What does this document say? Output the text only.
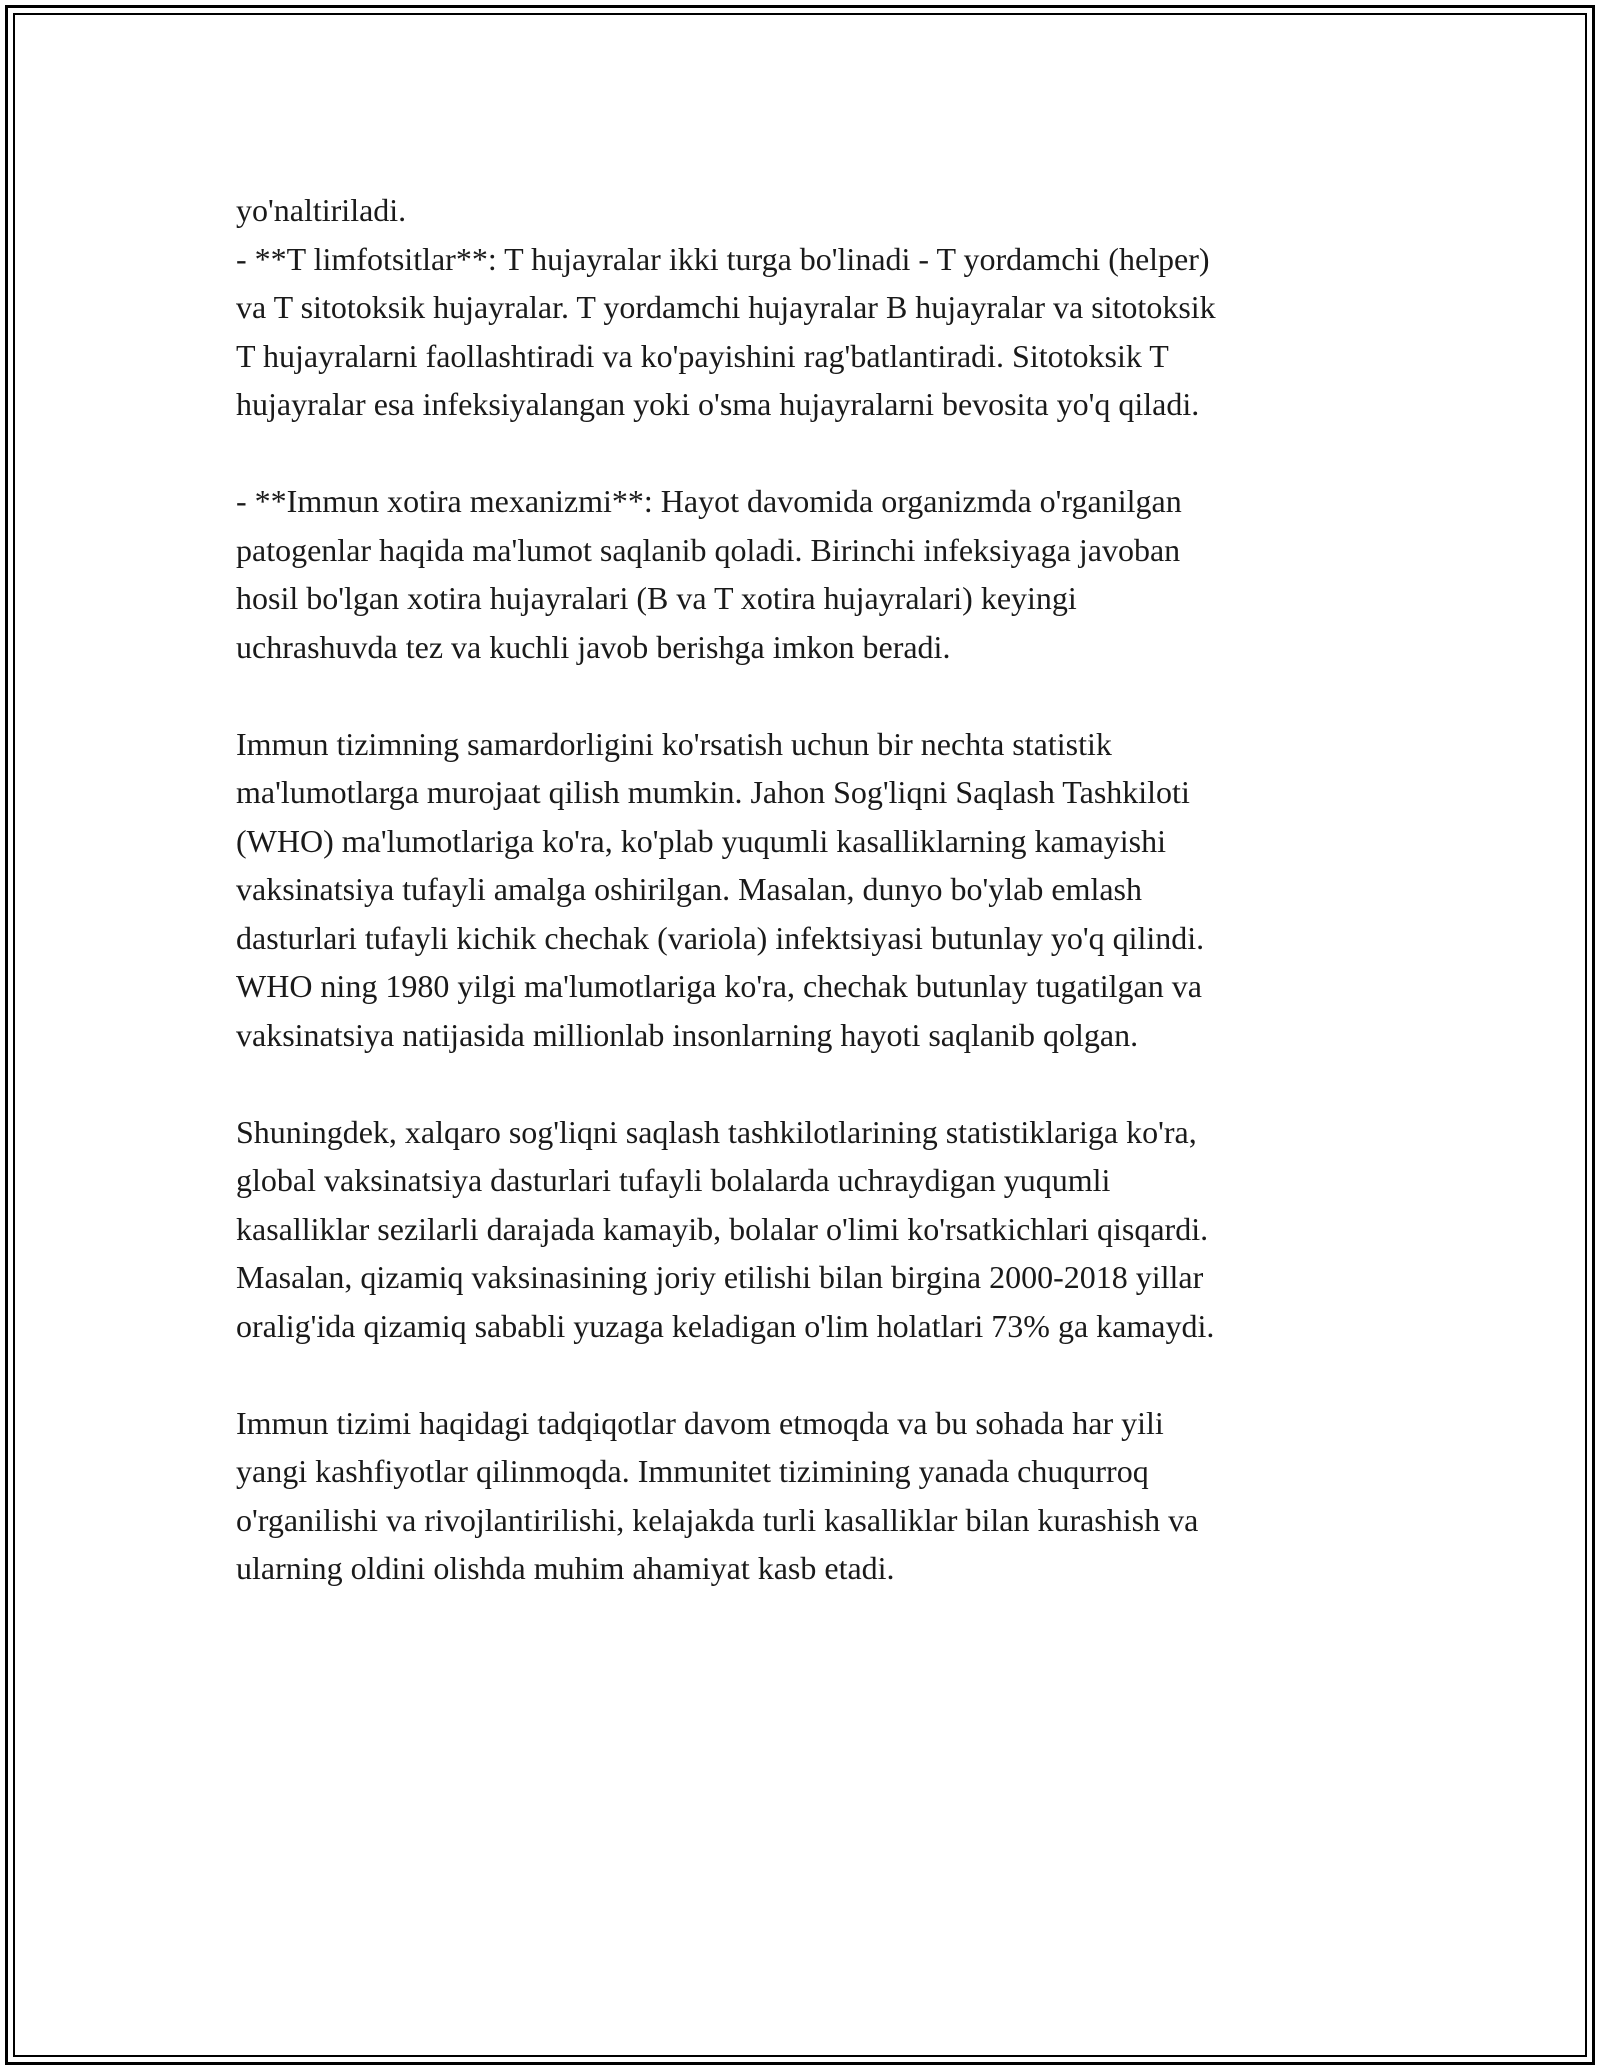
yo'naltiriladi.
- **T limfotsitlar**: T hujayralar ikki turga bo'linadi - T yordamchi (helper)
va T sitotoksik hujayralar. T yordamchi hujayralar B hujayralar va sitotoksik
T hujayralarni faollashtiradi va ko'payishini rag'batlantiradi. Sitotoksik T
hujayralar esa infeksiyalangan yoki o'sma hujayralarni bevosita yo'q qiladi.
- **Immun xotira mexanizmi**: Hayot davomida organizmda o'rganilgan
patogenlar haqida ma'lumot saqlanib qoladi. Birinchi infeksiyaga javoban
hosil bo'lgan xotira hujayralari (B va T xotira hujayralari) keyingi
uchrashuvda tez va kuchli javob berishga imkon beradi.
Immun tizimning samardorligini ko'rsatish uchun bir nechta statistik
ma'lumotlarga murojaat qilish mumkin. Jahon Sog'liqni Saqlash Tashkiloti
(WHO) ma'lumotlariga ko'ra, ko'plab yuqumli kasalliklarning kamayishi
vaksinatsiya tufayli amalga oshirilgan. Masalan, dunyo bo'ylab emlash
dasturlari tufayli kichik chechak (variola) infektsiyasi butunlay yo'q qilindi.
WHO ning 1980 yilgi ma'lumotlariga ko'ra, chechak butunlay tugatilgan va
vaksinatsiya natijasida millionlab insonlarning hayoti saqlanib qolgan.
Shuningdek, xalqaro sog'liqni saqlash tashkilotlarining statistiklariga ko'ra,
global vaksinatsiya dasturlari tufayli bolalarda uchraydigan yuqumli
kasalliklar sezilarli darajada kamayib, bolalar o'limi ko'rsatkichlari qisqardi.
Masalan, qizamiq vaksinasining joriy etilishi bilan birgina 2000-2018 yillar
oralig'ida qizamiq sababli yuzaga keladigan o'lim holatlari 73% ga kamaydi.
Immun tizimi haqidagi tadqiqotlar davom etmoqda va bu sohada har yili
yangi kashfiyotlar qilinmoqda. Immunitet tizimining yanada chuqurroq
o'rganilishi va rivojlantirilishi, kelajakda turli kasalliklar bilan kurashish va
ularning oldini olishda muhim ahamiyat kasb etadi.
